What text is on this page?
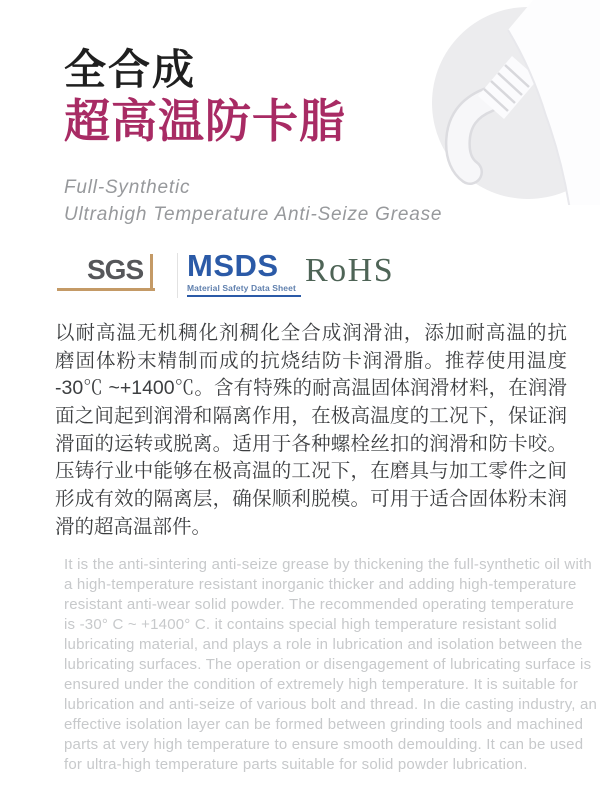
全合成
超高温防卡脂
Full-Synthetic
Ultrahigh Temperature Anti-Seize Grease
SGS MSDS
Material Safety Data Sheet RoHS
以耐高温无机稠化剂稠化全合成润滑油，添加耐高温的抗
磨固体粉末精制而成的抗烧结防卡润滑脂。推荐使用温度
-30℃ ~+1400℃。含有特殊的耐高温固体润滑材料，在润滑
面之间起到润滑和隔离作用，在极高温度的工况下，保证润
滑面的运转或脱离。适用于各种螺栓丝扣的润滑和防卡咬。
压铸行业中能够在极高温的工况下，在磨具与加工零件之间
形成有效的隔离层，确保顺利脱模。可用于适合固体粉末润
滑的超高温部件。
It is the anti-sintering anti-seize grease by thickening the full-synthetic oil with
a high-temperature resistant inorganic thicker and adding high-temperature
resistant anti-wear solid powder. The recommended operating temperature
is -30° C ~ +1400° C. it contains special high temperature resistant solid
lubricating material, and plays a role in lubrication and isolation between the
lubricating surfaces. The operation or disengagement of lubricating surface is
ensured under the condition of extremely high temperature. It is suitable for
lubrication and anti-seize of various bolt and thread. In die casting industry, an
effective isolation layer can be formed between grinding tools and machined
parts at very high temperature to ensure smooth demoulding. It can be used
for ultra-high temperature parts suitable for solid powder lubrication.
